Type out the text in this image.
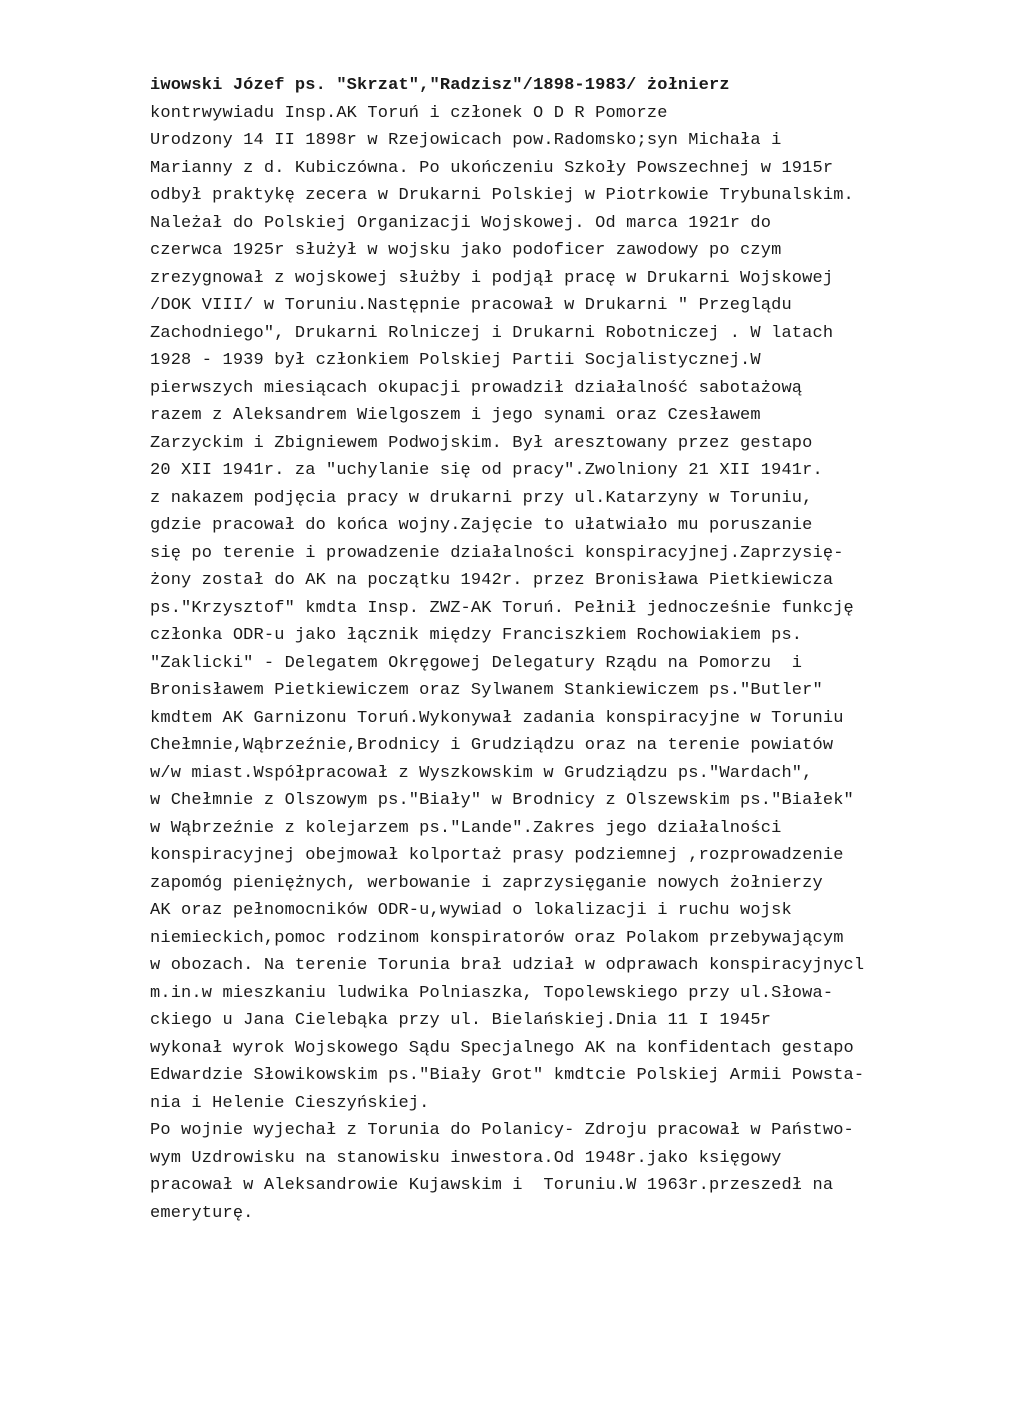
iwowski Józef ps. "Skrzat","Radzisz"/1898-1983/ żołnierz
kontrwywiadu Insp.AK Toruń i członek O D R Pomorze
Urodzony 14 II 1898r w Rzejowicach pow.Radomsko;syn Michała i
Marianny z d. Kubiczówna. Po ukończeniu Szkoły Powszechnej w 1915r
odbył praktykę zecera w Drukarni Polskiej w Piotrkowie Trybunalskim.
Należał do Polskiej Organizacji Wojskowej. Od marca 1921r do
czerwca 1925r służył w wojsku jako podoficer zawodowy po czym
zrezygnował z wojskowej służby i podjął pracę w Drukarni Wojskowej
/DOK VIII/ w Toruniu.Następnie pracował w Drukarni " Przeglądu
Zachodniego", Drukarni Rolniczej i Drukarni Robotniczej . W latach
1928 - 1939 był członkiem Polskiej Partii Socjalistycznej.W
pierwszych miesiącach okupacji prowadził działalność sabotażową
razem z Aleksandrem Wielgoszem i jego synami oraz Czesławem
Zarzyckim i Zbigniewem Podwojskim. Był aresztowany przez gestapo
20 XII 1941r. za "uchylanie się od pracy".Zwolniony 21 XII 1941r.
z nakazem podjęcia pracy w drukarni przy ul.Katarzyny w Toruniu,
gdzie pracował do końca wojny.Zajęcie to ułatwiało mu poruszanie
się po terenie i prowadzenie działalności konspiracyjnej.Zaprzysię-
żony został do AK na początku 1942r. przez Bronisława Pietkiewicza
ps."Krzysztof" kmdta Insp. ZWZ-AK Toruń. Pełnił jednocześnie funkcję
członka ODR-u jako łącznik między Franciszkiem Rochowiakiem ps.
"Zaklicki" - Delegatem Okręgowej Delegatury Rządu na Pomorzu  i
Bronisławem Pietkiewiczem oraz Sylwanem Stankiewiczem ps."Butler"
kmdtem AK Garnizonu Toruń.Wykonywał zadania konspiracyjne w Toruniu
Chełmnie,Wąbrzeźnie,Brodnicy i Grudziądzu oraz na terenie powiatów
w/w miast.Współpracował z Wyszkowskim w Grudziądzu ps."Wardach",
w Chełmnie z Olszowym ps."Biały" w Brodnicy z Olszewskim ps."Białek"
w Wąbrzeźnie z kolejarzem ps."Lande".Zakres jego działalności
konspiracyjnej obejmował kolportaż prasy podziemnej ,rozprowadzenie
zapomóg pieniężnych, werbowanie i zaprzysięganie nowych żołnierzy
AK oraz pełnomocników ODR-u,wywiad o lokalizacji i ruchu wojsk
niemieckich,pomoc rodzinom konspiratorów oraz Polakom przebywającym
w obozach. Na terenie Torunia brał udział w odprawach konspiracyjnycl
m.in.w mieszkaniu ludwika Polniaszka, Topolewskiego przy ul.Słowa-
ckiego u Jana Cielebąka przy ul. Bielańskiej.Dnia 11 I 1945r
wykonał wyrok Wojskowego Sądu Specjalnego AK na konfidentach gestapo
Edwardzie Słowikowskim ps."Biały Grot" kmdtcie Polskiej Armii Powsta-
nia i Helenie Cieszyńskiej.
Po wojnie wyjechał z Torunia do Polanicy- Zdroju pracował w Państwo-
wym Uzdrowisku na stanowisku inwestora.Od 1948r.jako księgowy
pracował w Aleksandrowie Kujawskim i  Toruniu.W 1963r.przeszedł na
emeryturę.
